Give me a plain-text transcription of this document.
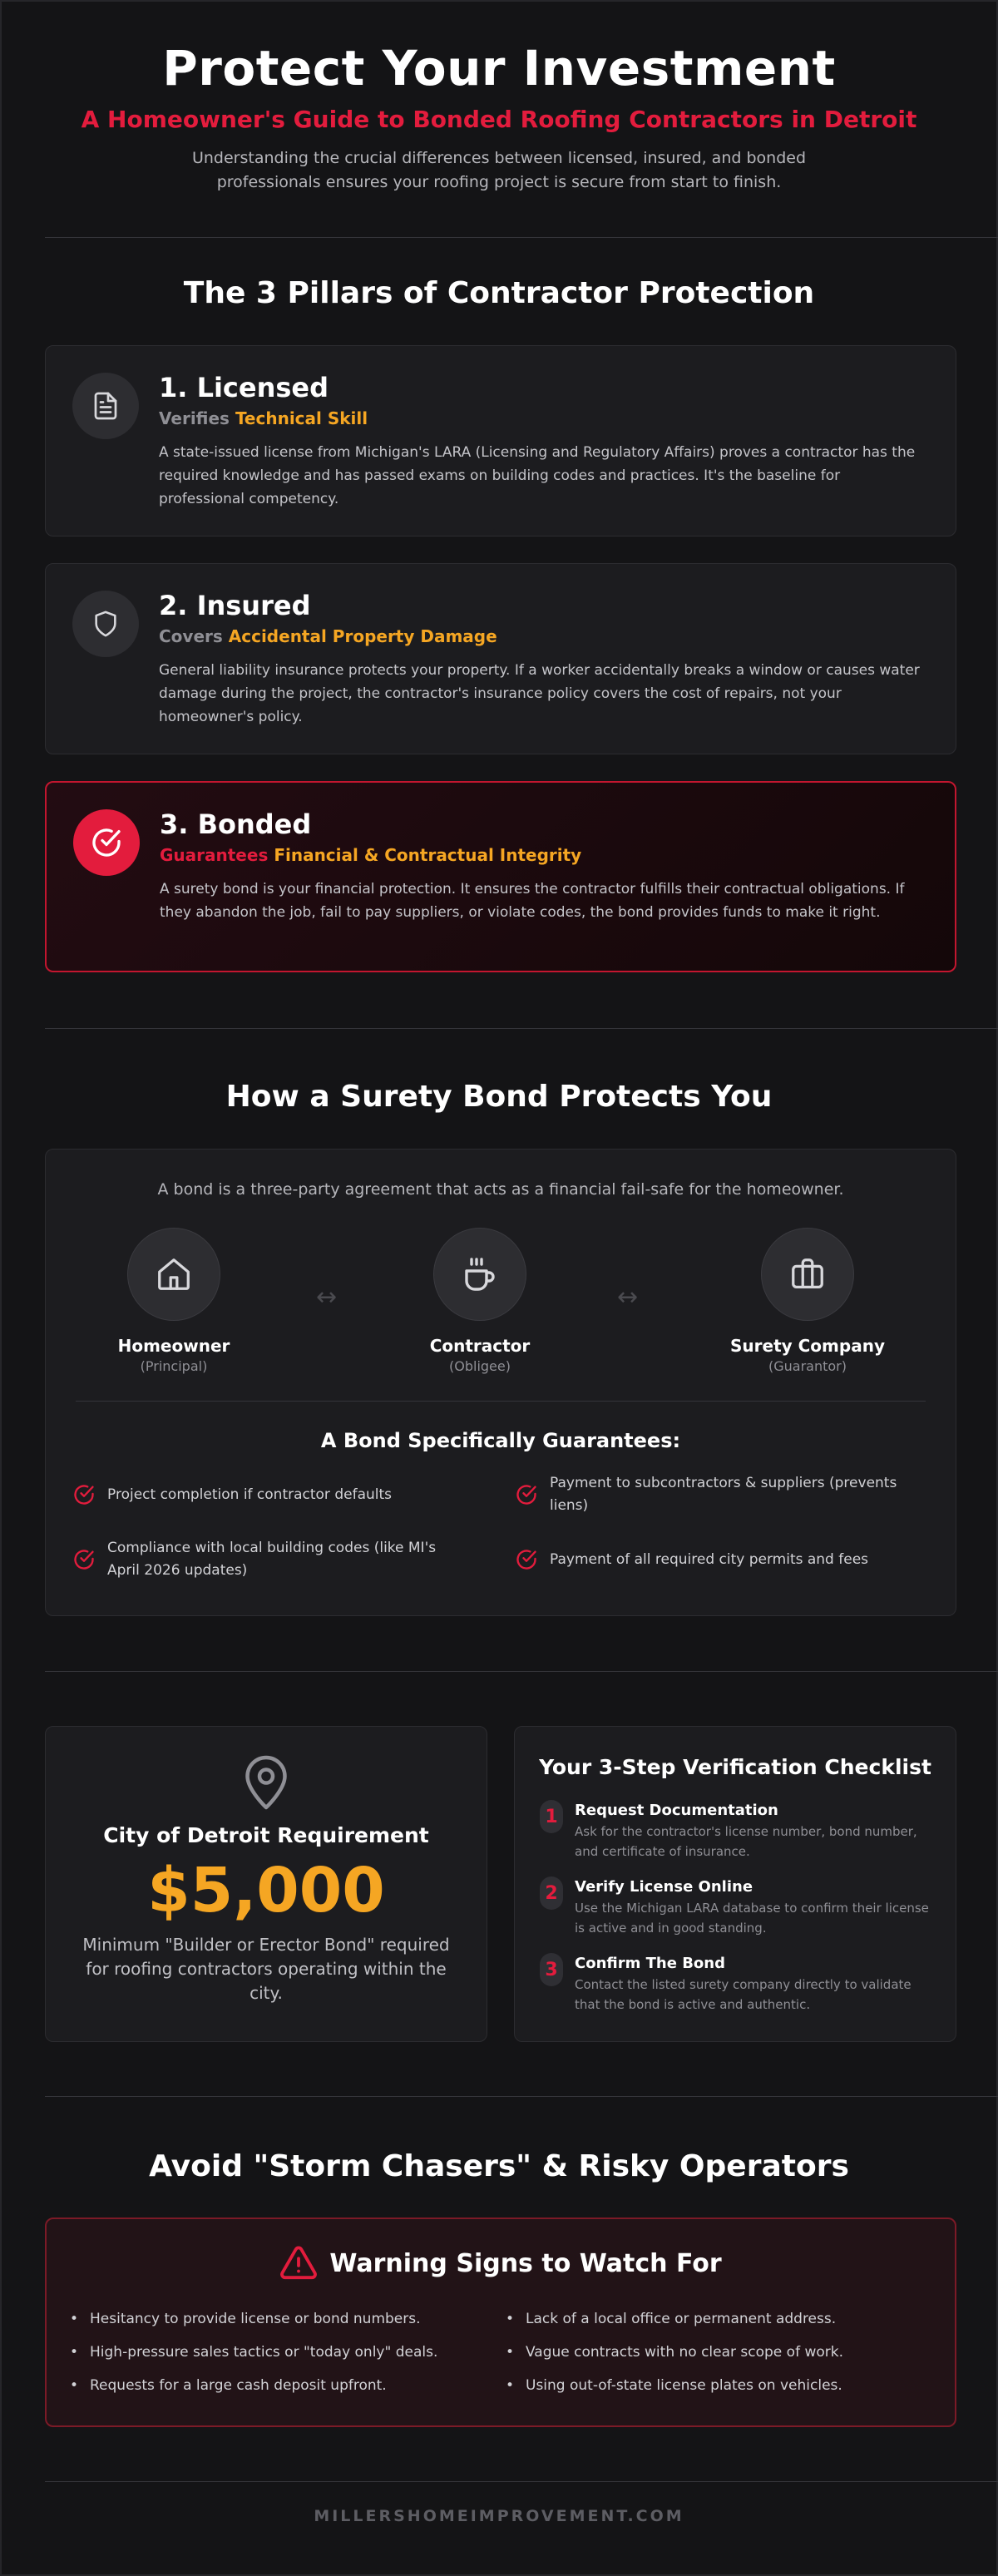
Protect Your Investment
A Homeowner's Guide to Bonded Roofing Contractors in Detroit

Understanding the crucial differences between licensed, insured, and bonded professionals ensures your roofing project is secure from start to finish.

The 3 Pillars of Contractor Protection
1. Licensed
Verifies Technical Skill

A state-issued license from Michigan's LARA (Licensing and Regulatory Affairs) proves a contractor has the required knowledge and has passed exams on building codes and practices. It's the baseline for professional competency.

2. Insured
Covers Accidental Property Damage

General liability insurance protects your property. If a worker accidentally breaks a window or causes water damage during the project, the contractor's insurance policy covers the cost of repairs, not your homeowner's policy.

3. Bonded
Guarantees Financial & Contractual Integrity

A surety bond is your financial protection. It ensures the contractor fulfills their contractual obligations. If they abandon the job, fail to pay suppliers, or violate codes, the bond provides funds to make it right.

How a Surety Bond Protects You
A bond is a three-party agreement that acts as a financial fail-safe for the homeowner.
Homeowner
(Principal)
↔
Contractor
(Obligee)
↔
Surety Company
(Guarantor)
A Bond Specifically Guarantees:
Project completion if contractor defaults
Payment to subcontractors & suppliers (prevents liens)
Compliance with local building codes (like MI's April 2026 updates)
Payment of all required city permits and fees
City of Detroit Requirement
$5,000
Minimum "Builder or Erector Bond" required for roofing contractors operating within the city.
Your 3-Step Verification Checklist
1	Request Documentation
Ask for the contractor's license number, bond number, and certificate of insurance.
2	Verify License Online
Use the Michigan LARA database to confirm their license is active and in good standing.
3	Confirm The Bond
Contact the listed surety company directly to validate that the bond is active and authentic.
Avoid "Storm Chasers" & Risky Operators
Warning Signs to Watch For
• Hesitancy to provide license or bond numbers.
• High-pressure sales tactics or "today only" deals.
• Requests for a large cash deposit upfront.
• Lack of a local office or permanent address.
• Vague contracts with no clear scope of work.
• Using out-of-state license plates on vehicles.
MILLERSHOMEIMPROVEMENT.COM
